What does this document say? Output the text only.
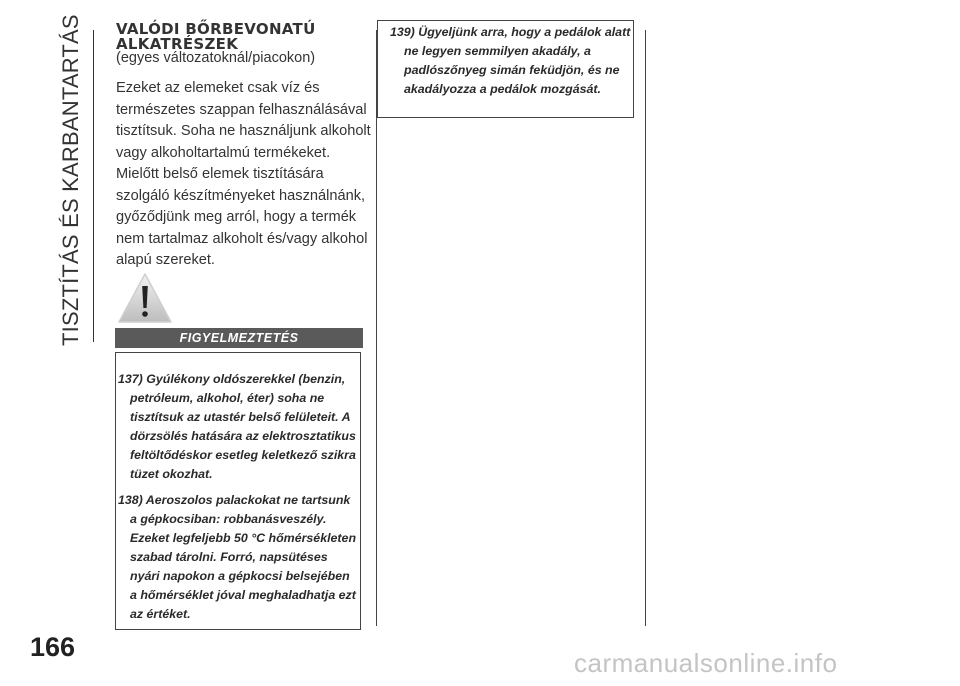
TISZTÍTÁS ÉS KARBANTARTÁS
166
VALÓDI BŐRBEVONATÚ ALKATRÉSZEK
(egyes változatoknál/piacokon)
Ezeket az elemeket csak víz és természetes szappan felhasználásával tisztítsuk. Soha ne használjunk alkoholt vagy alkoholtartalmú termékeket. Mielőtt belső elemek tisztítására szolgáló készítményeket használnánk, győződjünk meg arról, hogy a termék nem tartalmaz alkoholt és/vagy alkohol alapú szereket.
FIGYELMEZTETÉS
137) Gyúlékony oldószerekkel (benzin, petróleum, alkohol, éter) soha ne tisztítsuk az utastér belső felületeit. A dörzsölés hatására az elektrosztatikus feltöltődéskor esetleg keletkező szikra tüzet okozhat.
138) Aeroszolos palackokat ne tartsunk a gépkocsiban: robbanásveszély. Ezeket legfeljebb 50 °C hőmérsékleten szabad tárolni. Forró, napsütéses nyári napokon a gépkocsi belsejében a hőmérséklet jóval meghaladhatja ezt az értéket.
139) Ügyeljünk arra, hogy a pedálok alatt ne legyen semmilyen akadály, a padlószőnyeg simán feküdjön, és ne akadályozza a pedálok mozgását.
carmanualsonline.info
